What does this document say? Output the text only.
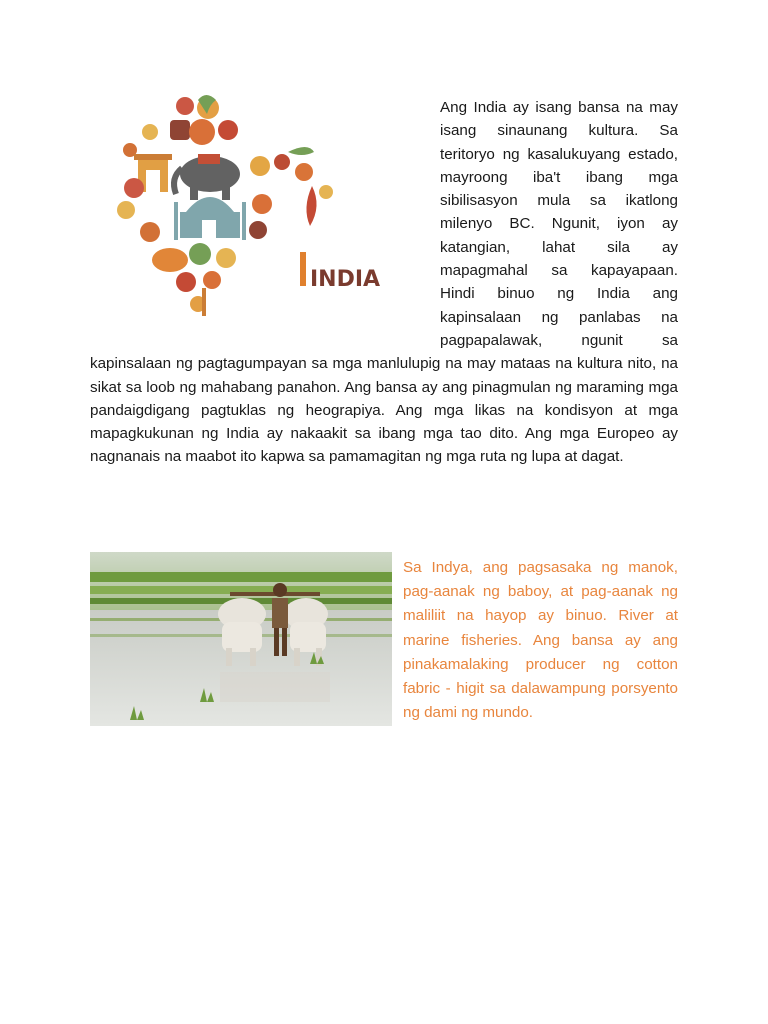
INDIA

Ang India ay isang bansa na may isang sinaunang kultura. Sa teritoryo ng kasalukuyang estado, mayroong iba't ibang mga sibilisasyon mula sa ikatlong milenyo BC. Ngunit, iyon ay katangian, lahat sila ay mapagmahal sa kapayapaan. Hindi binuo ng India ang kapinsalaan ng panlabas na pagpapalawak, ngunit sa kapinsalaan ng pagtagumpayan sa mga manlulupig na may mataas na kultura nito, na sikat sa loob ng mahabang panahon. Ang bansa ay ang pinagmulan ng maraming mga pandaigdigang pagtuklas ng heograpiya. Ang mga likas na kondisyon at mga mapagkukunan ng India ay nakaakit sa ibang mga tao dito. Ang mga Europeo ay nagnanais na maabot ito kapwa sa pamamagitan ng mga ruta ng lupa at dagat.

Sa Indya, ang pagsasaka ng manok, pag-aanak ng baboy, at pag-aanak ng maliliit na hayop ay binuo. River at marine fisheries. Ang bansa ay ang pinakamalaking producer ng cotton fabric - higit sa dalawampung porsyento ng dami ng mundo.
